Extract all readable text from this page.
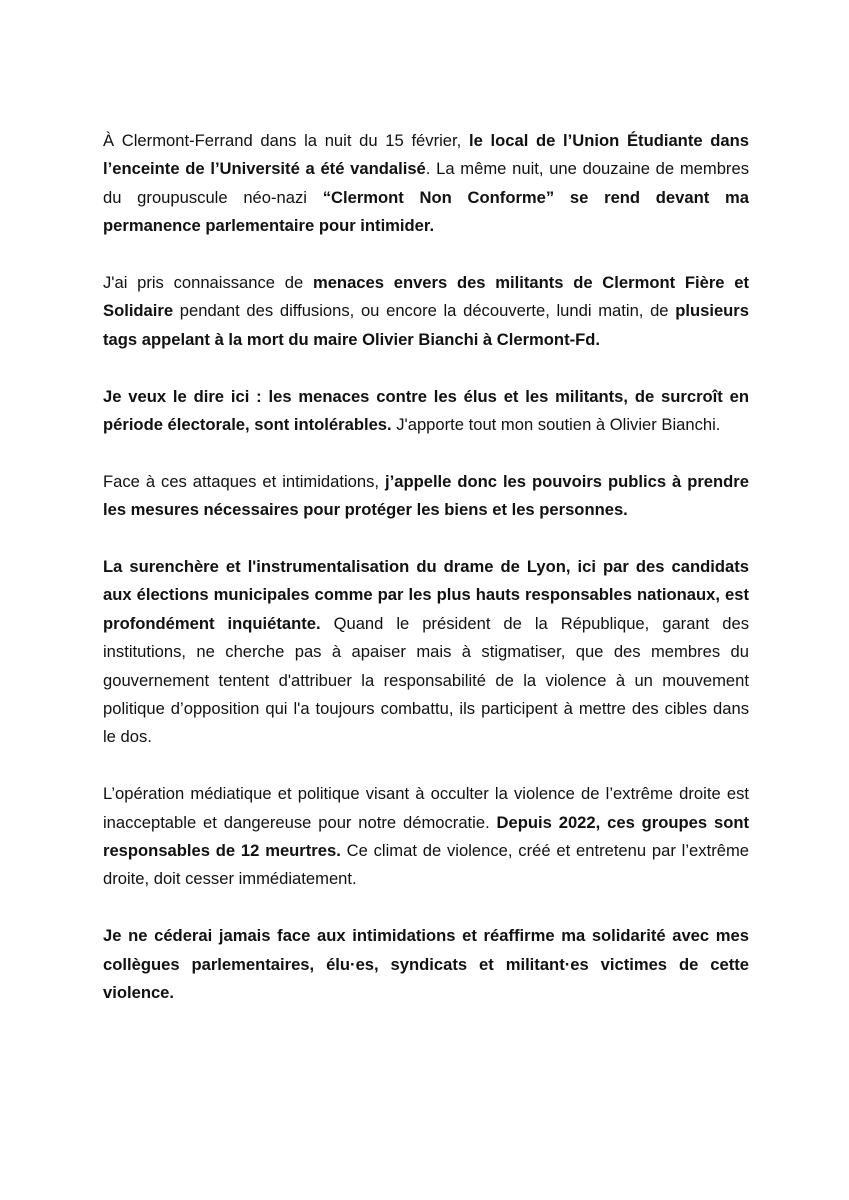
À Clermont-Ferrand dans la nuit du 15 février, le local de l’Union Étudiante dans l’enceinte de l’Université a été vandalisé. La même nuit, une douzaine de membres du groupuscule néo-nazi “Clermont Non Conforme” se rend devant ma permanence parlementaire pour intimider.

J'ai pris connaissance de menaces envers des militants de Clermont Fière et Solidaire pendant des diffusions, ou encore la découverte, lundi matin, de plusieurs tags appelant à la mort du maire Olivier Bianchi à Clermont-Fd.

Je veux le dire ici : les menaces contre les élus et les militants, de surcroît en période électorale, sont intolérables. J'apporte tout mon soutien à Olivier Bianchi.

Face à ces attaques et intimidations, j’appelle donc les pouvoirs publics à prendre les mesures nécessaires pour protéger les biens et les personnes.

La surenchère et l'instrumentalisation du drame de Lyon, ici par des candidats aux élections municipales comme par les plus hauts responsables nationaux, est profondément inquiétante. Quand le président de la République, garant des institutions, ne cherche pas à apaiser mais à stigmatiser, que des membres du gouvernement tentent d'attribuer la responsabilité de la violence à un mouvement politique d’opposition qui l'a toujours combattu, ils participent à mettre des cibles dans le dos.

L’opération médiatique et politique visant à occulter la violence de l’extrême droite est inacceptable et dangereuse pour notre démocratie. Depuis 2022, ces groupes sont responsables de 12 meurtres. Ce climat de violence, créé et entretenu par l’extrême droite, doit cesser immédiatement.

Je ne céderai jamais face aux intimidations et réaffirme ma solidarité avec mes collègues parlementaires, élu·es, syndicats et militant·es victimes de cette violence.
